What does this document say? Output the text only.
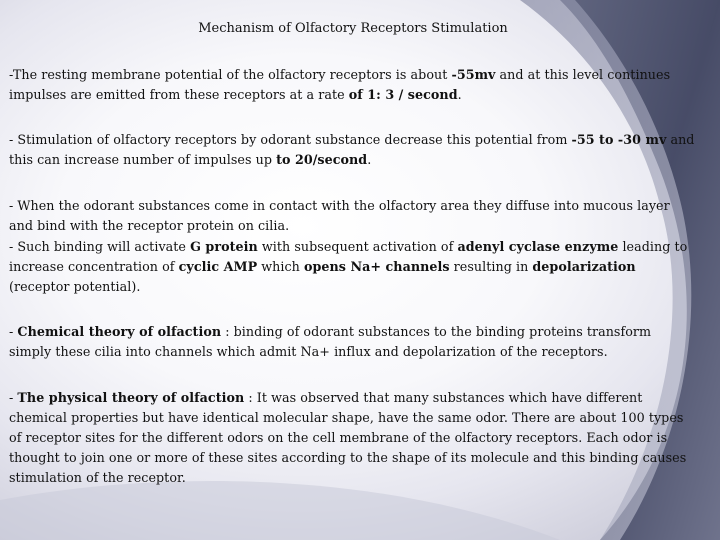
Mechanism of Olfactory Receptors Stimulation
-The resting membrane potential of the olfactory receptors is about -55mv and at this level continues impulses are emitted from these receptors at a rate of 1: 3 / second.
- Stimulation of olfactory receptors by odorant substance decrease this potential from -55 to -30 mv and this can increase number of impulses up to 20/second.
- When the odorant substances come in contact with the olfactory area they diffuse into mucous layer and bind with the receptor protein on cilia.
- Such binding will activate G protein with subsequent activation of adenyl cyclase enzyme leading to increase concentration of cyclic AMP which opens Na+ channels resulting in depolarization (receptor potential).
- Chemical theory of olfaction : binding of odorant substances to the binding proteins transform simply these cilia into channels which admit Na+ influx and depolarization of the receptors.
- The physical theory of olfaction : It was observed that many substances which have different chemical properties but have identical molecular shape, have the same odor. There are about 100 types of receptor sites for the different odors on the cell membrane of the olfactory receptors. Each odor is thought to join one or more of these sites according to the shape of its molecule and this binding causes stimulation of the receptor.
